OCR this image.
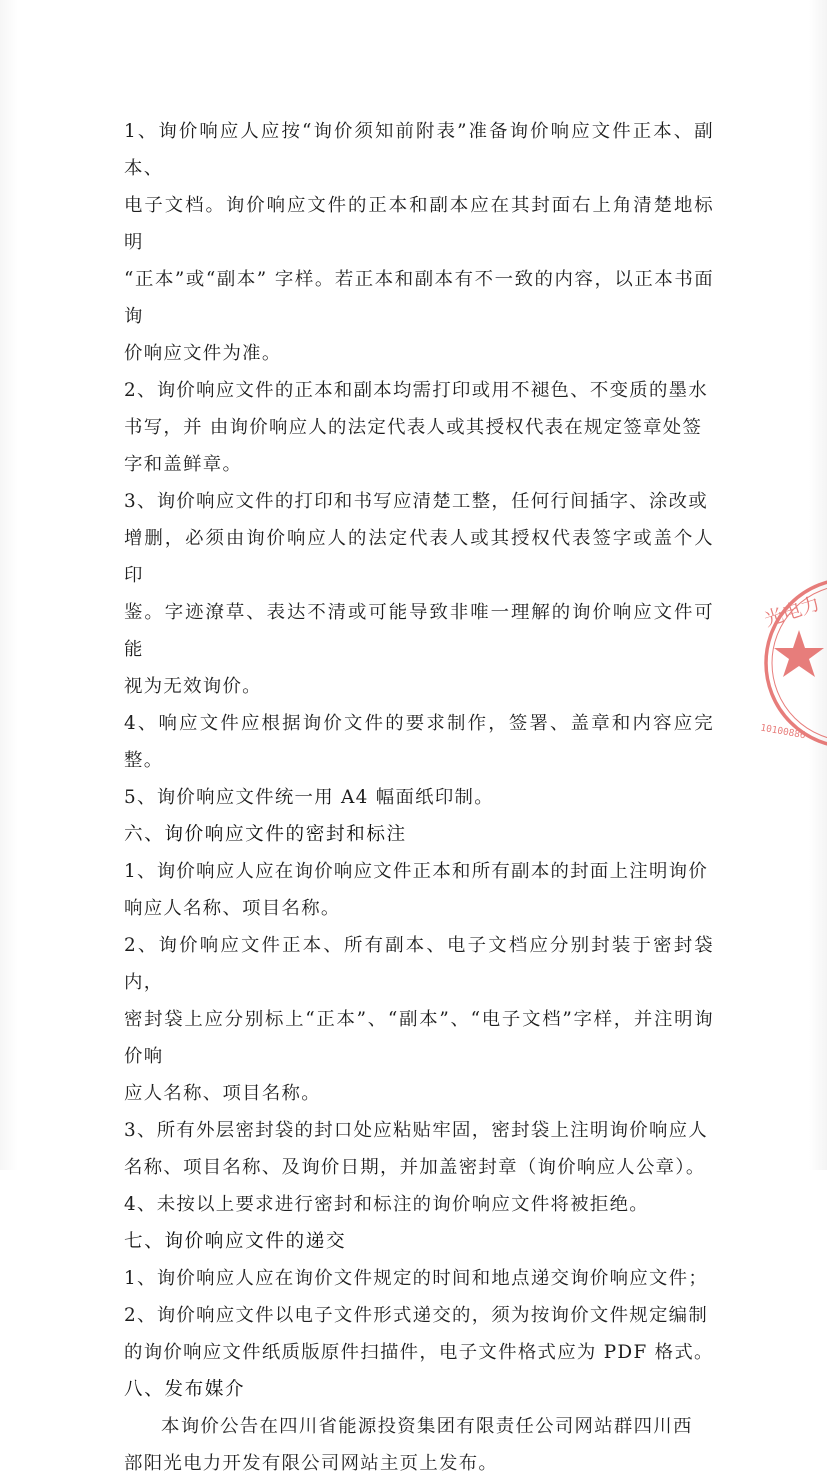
1、询价响应人应按“询价须知前附表”准备询价响应文件正本、副本、

电子文档。询价响应文件的正本和副本应在其封面右上角清楚地标明

“正本”或“副本” 字样。若正本和副本有不一致的内容，以正本书面询

价响应文件为准。

2、询价响应文件的正本和副本均需打印或用不褪色、不变质的墨水

书写，并 由询价响应人的法定代表人或其授权代表在规定签章处签

字和盖鲜章。

3、询价响应文件的打印和书写应清楚工整，任何行间插字、涂改或

增删，必须由询价响应人的法定代表人或其授权代表签字或盖个人印

鉴。字迹潦草、表达不清或可能导致非唯一理解的询价响应文件可能

视为无效询价。

4、响应文件应根据询价文件的要求制作，签署、盖章和内容应完整。

5、询价响应文件统一用 A4 幅面纸印制。

六、询价响应文件的密封和标注

1、询价响应人应在询价响应文件正本和所有副本的封面上注明询价

响应人名称、项目名称。

2、询价响应文件正本、所有副本、电子文档应分别封装于密封袋内，

密封袋上应分别标上“正本”、“副本”、“电子文档”字样，并注明询价响

应人名称、项目名称。

3、所有外层密封袋的封口处应粘贴牢固，密封袋上注明询价响应人

名称、项目名称、及询价日期，并加盖密封章（询价响应人公章）。

4、未按以上要求进行密封和标注的询价响应文件将被拒绝。

七、询价响应文件的递交

1、询价响应人应在询价文件规定的时间和地点递交询价响应文件；

2、询价响应文件以电子文件形式递交的，须为按询价文件规定编制

的询价响应文件纸质版原件扫描件，电子文件格式应为 PDF 格式。

八、发布媒介

本询价公告在四川省能源投资集团有限责任公司网站群四川西

部阳光电力开发有限公司网站主页上发布。

光电力
10100886
